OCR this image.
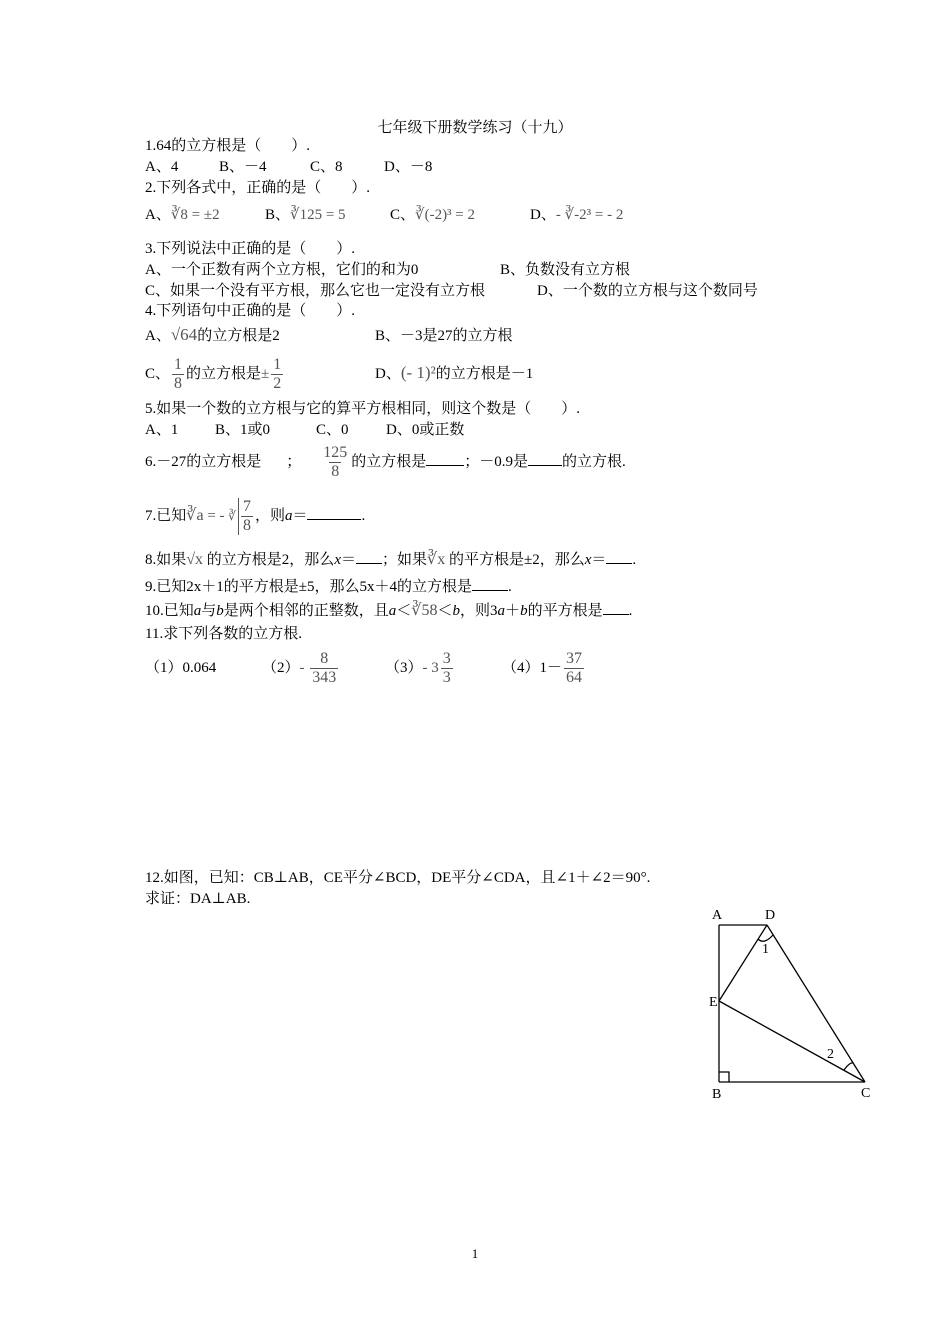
七年级下册数学练习（十九）
1.64的立方根是（　　）.
A、4	B、－4	C、8	D、－8
2.下列各式中，正确的是（　　）.
A、∛8 = ±2	B、∛125 = 5	C、∛(-2)³ = 2	D、- ∛-2³ = - 2
3.下列说法中正确的是（　　）.
A、一个正数有两个立方根，它们的和为0	B、负数没有立方根
C、如果一个没有平方根，那么它也一定没有立方根	D、一个数的立方根与这个数同号
4.下列语句中正确的是（　　）.
A、√64的立方根是2	B、－3是27的立方根
C、 $\frac{1}{8}$ 的立方根是± $\frac{1}{2}$	D、(- 1)²的立方根是－1
5.如果一个数的立方根与它的算平方根相同，则这个数是（　　）.
A、1 B、1或0	C、0 D、0或正数
6.－27的立方根是 ； $\frac{125}{8}$ 的立方根是	；－0.9是 的立方根.
7.已知∛a = - $^∛ \frac{7}{8}$ ，则a＝	.
8.如果√x 的立方根是2，那么x＝ ；如果∛x 的平方根是±2，那么x＝ .
9.已知2x＋1的平方根是±5，那么5x＋4的立方根是 .
10.已知a与b是两个相邻的正整数，且a＜∛58＜b，则3a＋b的平方根是 .
11.求下列各数的立方根.
（1）0.064	$(2)- \frac{8}{343}$	（3）- $3 \frac{3}{3}$	$(4)1- \frac{37}{64}$
12.如图，已知：CB⊥AB，CE平分∠BCD，DE平分∠CDA，且∠1＋∠2＝90°.
求证：DA⊥AB.
A	D
E
B	C
1
2
1
